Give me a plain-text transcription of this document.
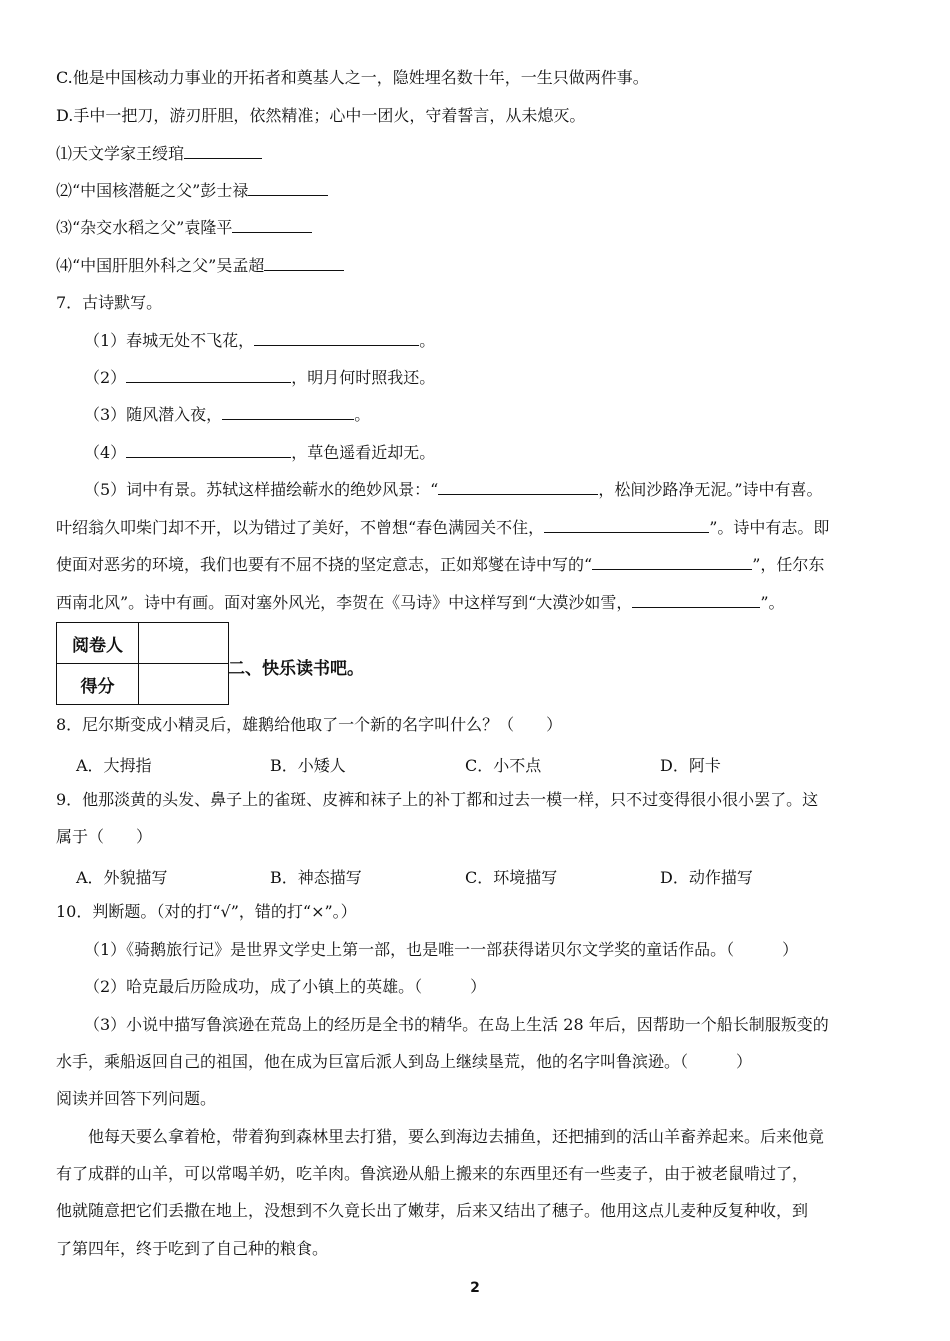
C.他是中国核动力事业的开拓者和奠基人之一，隐姓埋名数十年，一生只做两件事。
D.手中一把刀，游刃肝胆，依然精准；心中一团火，守着誓言，从未熄灭。
⑴天文学家王绶琯
⑵“中国核潜艇之父”彭士禄
⑶“杂交水稻之父”袁隆平
⑷“中国肝胆外科之父”吴孟超
7．古诗默写。
（1）春城无处不飞花，	。
（2）	，明月何时照我还。
（3）随风潜入夜，	。
（4）	，草色遥看近却无。
（5）词中有景。苏轼这样描绘蕲水的绝妙风景：“	，松间沙路净无泥。”诗中有喜。
叶绍翁久叩柴门却不开，以为错过了美好，不曾想“春色满园关不住，	”。诗中有志。即
使面对恶劣的环境，我们也要有不屈不挠的坚定意志，正如郑燮在诗中写的“	”，任尔东
西南北风”。诗中有画。面对塞外风光，李贺在《马诗》中这样写到“大漠沙如雪，	”。
阅卷人	
得分	
二、快乐读书吧。
8．尼尔斯变成小精灵后，雄鹅给他取了一个新的名字叫什么？（　　）
A．大拇指	B．小矮人	C．小不点	D．阿卡
9．他那淡黄的头发、鼻子上的雀斑、皮裤和袜子上的补丁都和过去一模一样，只不过变得很小很小罢了。这
属于（　　）
A．外貌描写	B．神态描写	C．环境描写	D．动作描写
10．判断题。（对的打“√”，错的打“×”。）
（1）《骑鹅旅行记》是世界文学史上第一部，也是唯一一部获得诺贝尔文学奖的童话作品。（　　　）
（2）哈克最后历险成功，成了小镇上的英雄。（　　　）
（3）小说中描写鲁滨逊在荒岛上的经历是全书的精华。在岛上生活 28 年后，因帮助一个船长制服叛变的
水手，乘船返回自己的祖国，他在成为巨富后派人到岛上继续垦荒，他的名字叫鲁滨逊。（　　　）
阅读并回答下列问题。
他每天要么拿着枪，带着狗到森林里去打猎，要么到海边去捕鱼，还把捕到的活山羊畜养起来。后来他竟
有了成群的山羊，可以常喝羊奶，吃羊肉。鲁滨逊从船上搬来的东西里还有一些麦子，由于被老鼠啃过了，
他就随意把它们丢撒在地上，没想到不久竟长出了嫩芽，后来又结出了穗子。他用这点儿麦种反复种收，到
了第四年，终于吃到了自己种的粮食。
2
